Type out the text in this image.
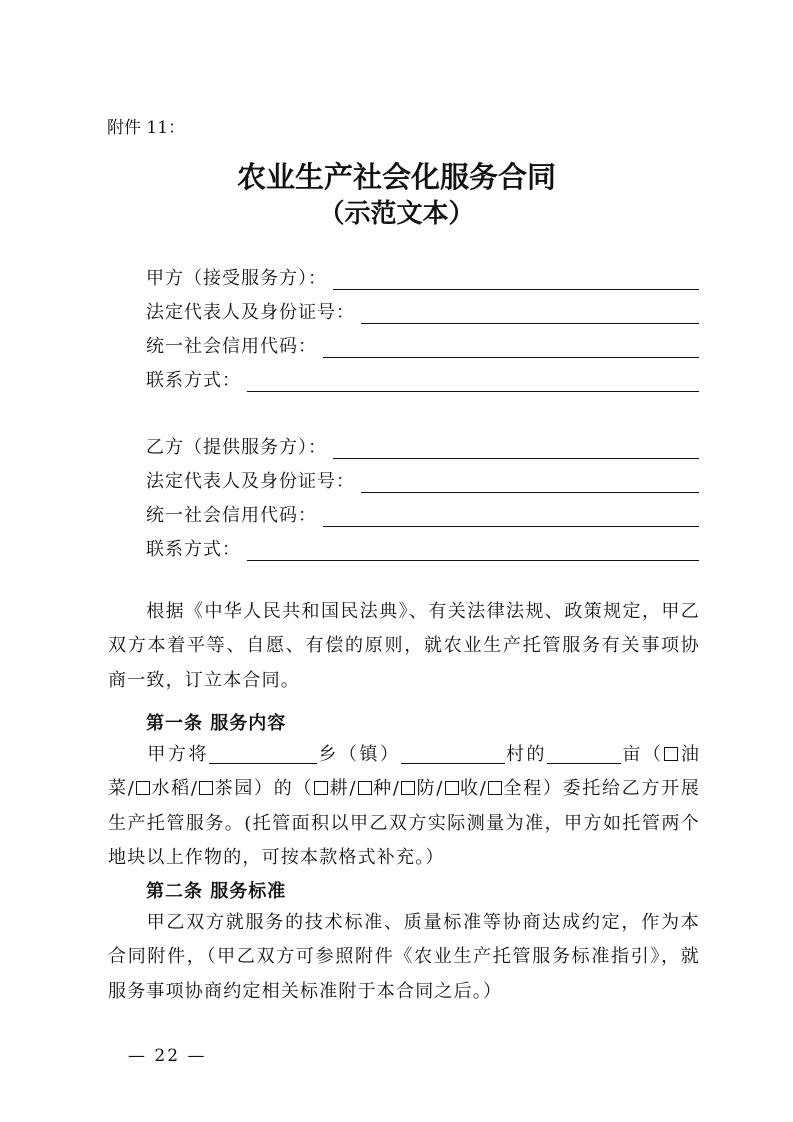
附件 11：
农业生产社会化服务合同
（示范文本）
甲方（接受服务方）：
法定代表人及身份证号：
统一社会信用代码：
联系方式：
乙方（提供服务方）：
法定代表人及身份证号：
统一社会信用代码：
联系方式：
根据《中华人民共和国民法典》、有关法律法规、政策规定，甲乙双方本着平等、自愿、有偿的原则，就农业生产托管服务有关事项协商一致，订立本合同。
第一条 服务内容
甲方将	乡（镇）	村的	亩（ 油菜/ 水稻/ 茶园）的（ 耕/ 种/ 防/ 收/ 全程）委托给乙方开展生产托管服务。(托管面积以甲乙双方实际测量为准，甲方如托管两个地块以上作物的，可按本款格式补充。）
第二条 服务标准
甲乙双方就服务的技术标准、质量标准等协商达成约定，作为本合同附件，（甲乙双方可参照附件《农业生产托管服务标准指引》，就服务事项协商约定相关标准附于本合同之后。）
— 22 —
